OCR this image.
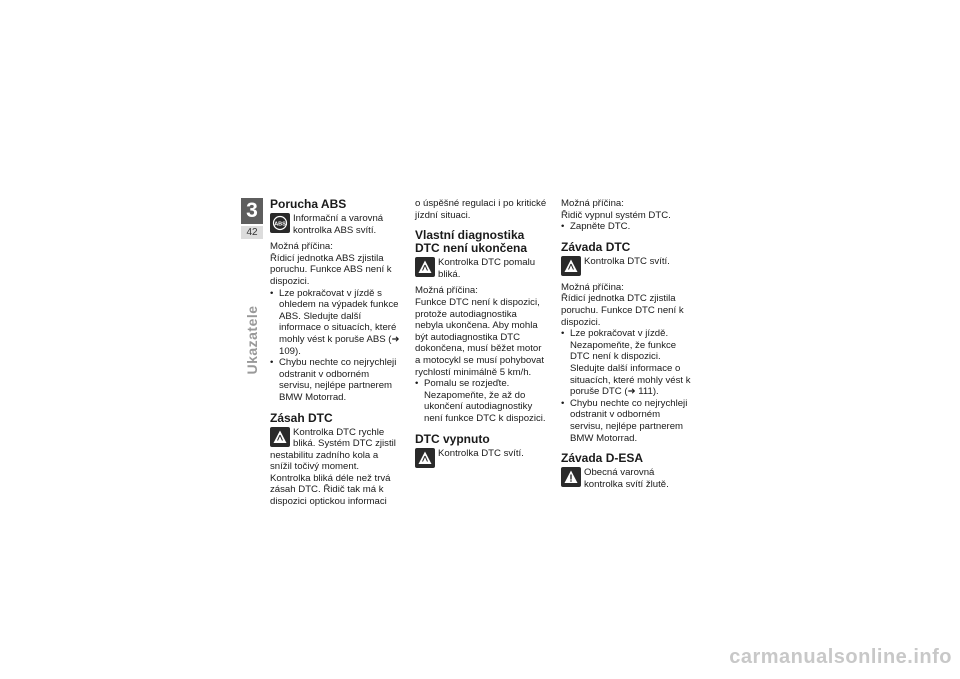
3
42
Ukazatele
Porucha ABS
ABS
Informační a varovná kontrolka ABS svítí.

Možná příčina:

Řídicí jednotka ABS zjistila poruchu. Funkce ABS není k dispozici.

• Lze pokračovat v jízdě s ohledem na výpadek funkce ABS. Sledujte další informace o situacích, které mohly vést k poruše ABS (➜ 109).
• Chybu nechte co nejrychleji odstranit v odborném servisu, nejlépe partnerem BMW Motorrad.
Zásah DTC
Kontrolka DTC rychle bliká. Systém DTC zjistil nestabilitu zadního kola a snížil točivý moment. Kontrolka bliká déle než trvá zásah DTC. Řidič tak má k dispozici optickou informaci

o úspěšné regulaci i po kritické jízdní situaci.

Vlastní diagnostika DTC není ukončena
Kontrolka DTC pomalu bliká.

Možná příčina:

Funkce DTC není k dispozici, protože autodiagnostika nebyla ukončena. Aby mohla být autodiagnostika DTC dokončena, musí běžet motor a motocykl se musí pohybovat rychlostí minimálně 5 km/h.

• Pomalu se rozjeďte. Nezapomeňte, že až do ukončení autodiagnostiky není funkce DTC k dispozici.
DTC vypnuto
Kontrolka DTC svítí.

Možná příčina:

Řidič vypnul systém DTC.

• Zapněte DTC.
Závada DTC
Kontrolka DTC svítí.

Možná příčina:

Řídicí jednotka DTC zjistila poruchu. Funkce DTC není k dispozici.

• Lze pokračovat v jízdě. Nezapomeňte, že funkce DTC není k dispozici. Sledujte další informace o situacích, které mohly vést k poruše DTC (➜ 111).
• Chybu nechte co nejrychleji odstranit v odborném servisu, nejlépe partnerem BMW Motorrad.
Závada D-ESA
Obecná varovná kontrolka svítí žlutě.
carmanualsonline.info
